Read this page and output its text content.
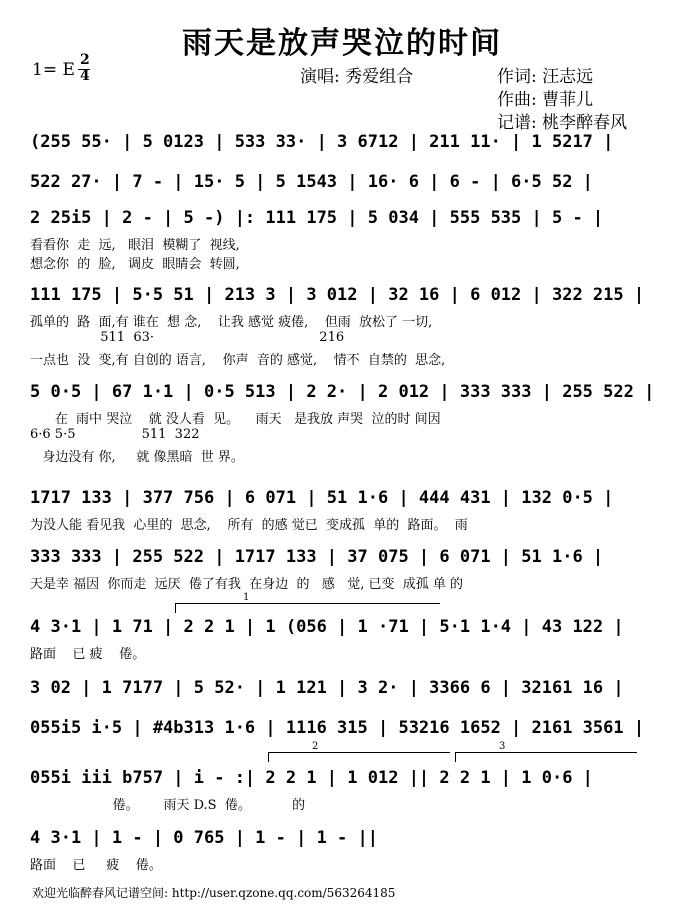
雨天是放声哭泣的时间
1= E 2
4	演唱: 秀爱组合	作词: 汪志远
作曲: 曹菲儿
记谱: 桃李醉春风
(255 55· | 5 0123 | 533 33· | 3 6712 | 211 11· | 1 5217 |
522 27· | 7 - | 15· 5 | 5 1543 | 16· 6 | 6 - | 6·5 52 |
2 25i5 | 2 - | 5 -) |: 111 175 | 5 034 | 555 535 | 5 - |
看看你  走  远,   眼泪  模糊了  视线,
想念你  的  脸,   调皮  眼睛会  转圆,
111 175 | 5·5 51 | 213 3 | 3 012 | 32 16 | 6 012 | 322 215 |
孤单的  路  面,有 谁在  想 念,    让我 感觉 疲倦,    但雨  放松了 一切,
511  63·                                        216
一点也  没  变,有 自创的 语言,    你声  音的 感觉,    情不  自禁的  思念,
5 0·5 | 67 1·1 | 0·5 513 | 2 2· | 2 012 | 333 333 | 255 522 |
在  雨中 哭泣    就 没人看  见。    雨天   是我放 声哭  泣的时 间因
6·6 5·5                511  322
身边没有 你,     就 像黑暗  世 界。
1717 133 | 377 756 | 6 071 | 51 1·6 | 444 431 | 132 0·5 |
为没人能 看见我  心里的  思念,    所有  的感 觉已  变成孤  单的  路面。  雨
333 333 | 255 522 | 1717 133 | 37 075 | 6 071 | 51 1·6 |
天是幸 福因  你而走  远厌  倦了有我  在身边  的   感   觉, 已变  成孤 单 的
4 3·1 | 1 71 | 2 2 1 | 1 (056 | 1 ·71 | 5·1 1·4 | 43 122 |
路面    已 疲    倦。
3 02 | 1 7177 | 5 52· | 1 121 | 3 2· | 3366 6 | 32161 16 |
055i5 i·5 | #4b313 1·6 | 1116 315 | 53216 1652 | 2161 3561 |
055i iii b757 | i - :| 2 2 1 | 1 012 || 2 2 1 | 1 0·6 |
倦。      雨天 D.S  倦。          的
4 3·1 | 1 - | 0 765 | 1 - | 1 - ||
路面    已     疲    倦。
1
2	3
欢迎光临醉春风记谱空间: http://user.qzone.qq.com/563264185
